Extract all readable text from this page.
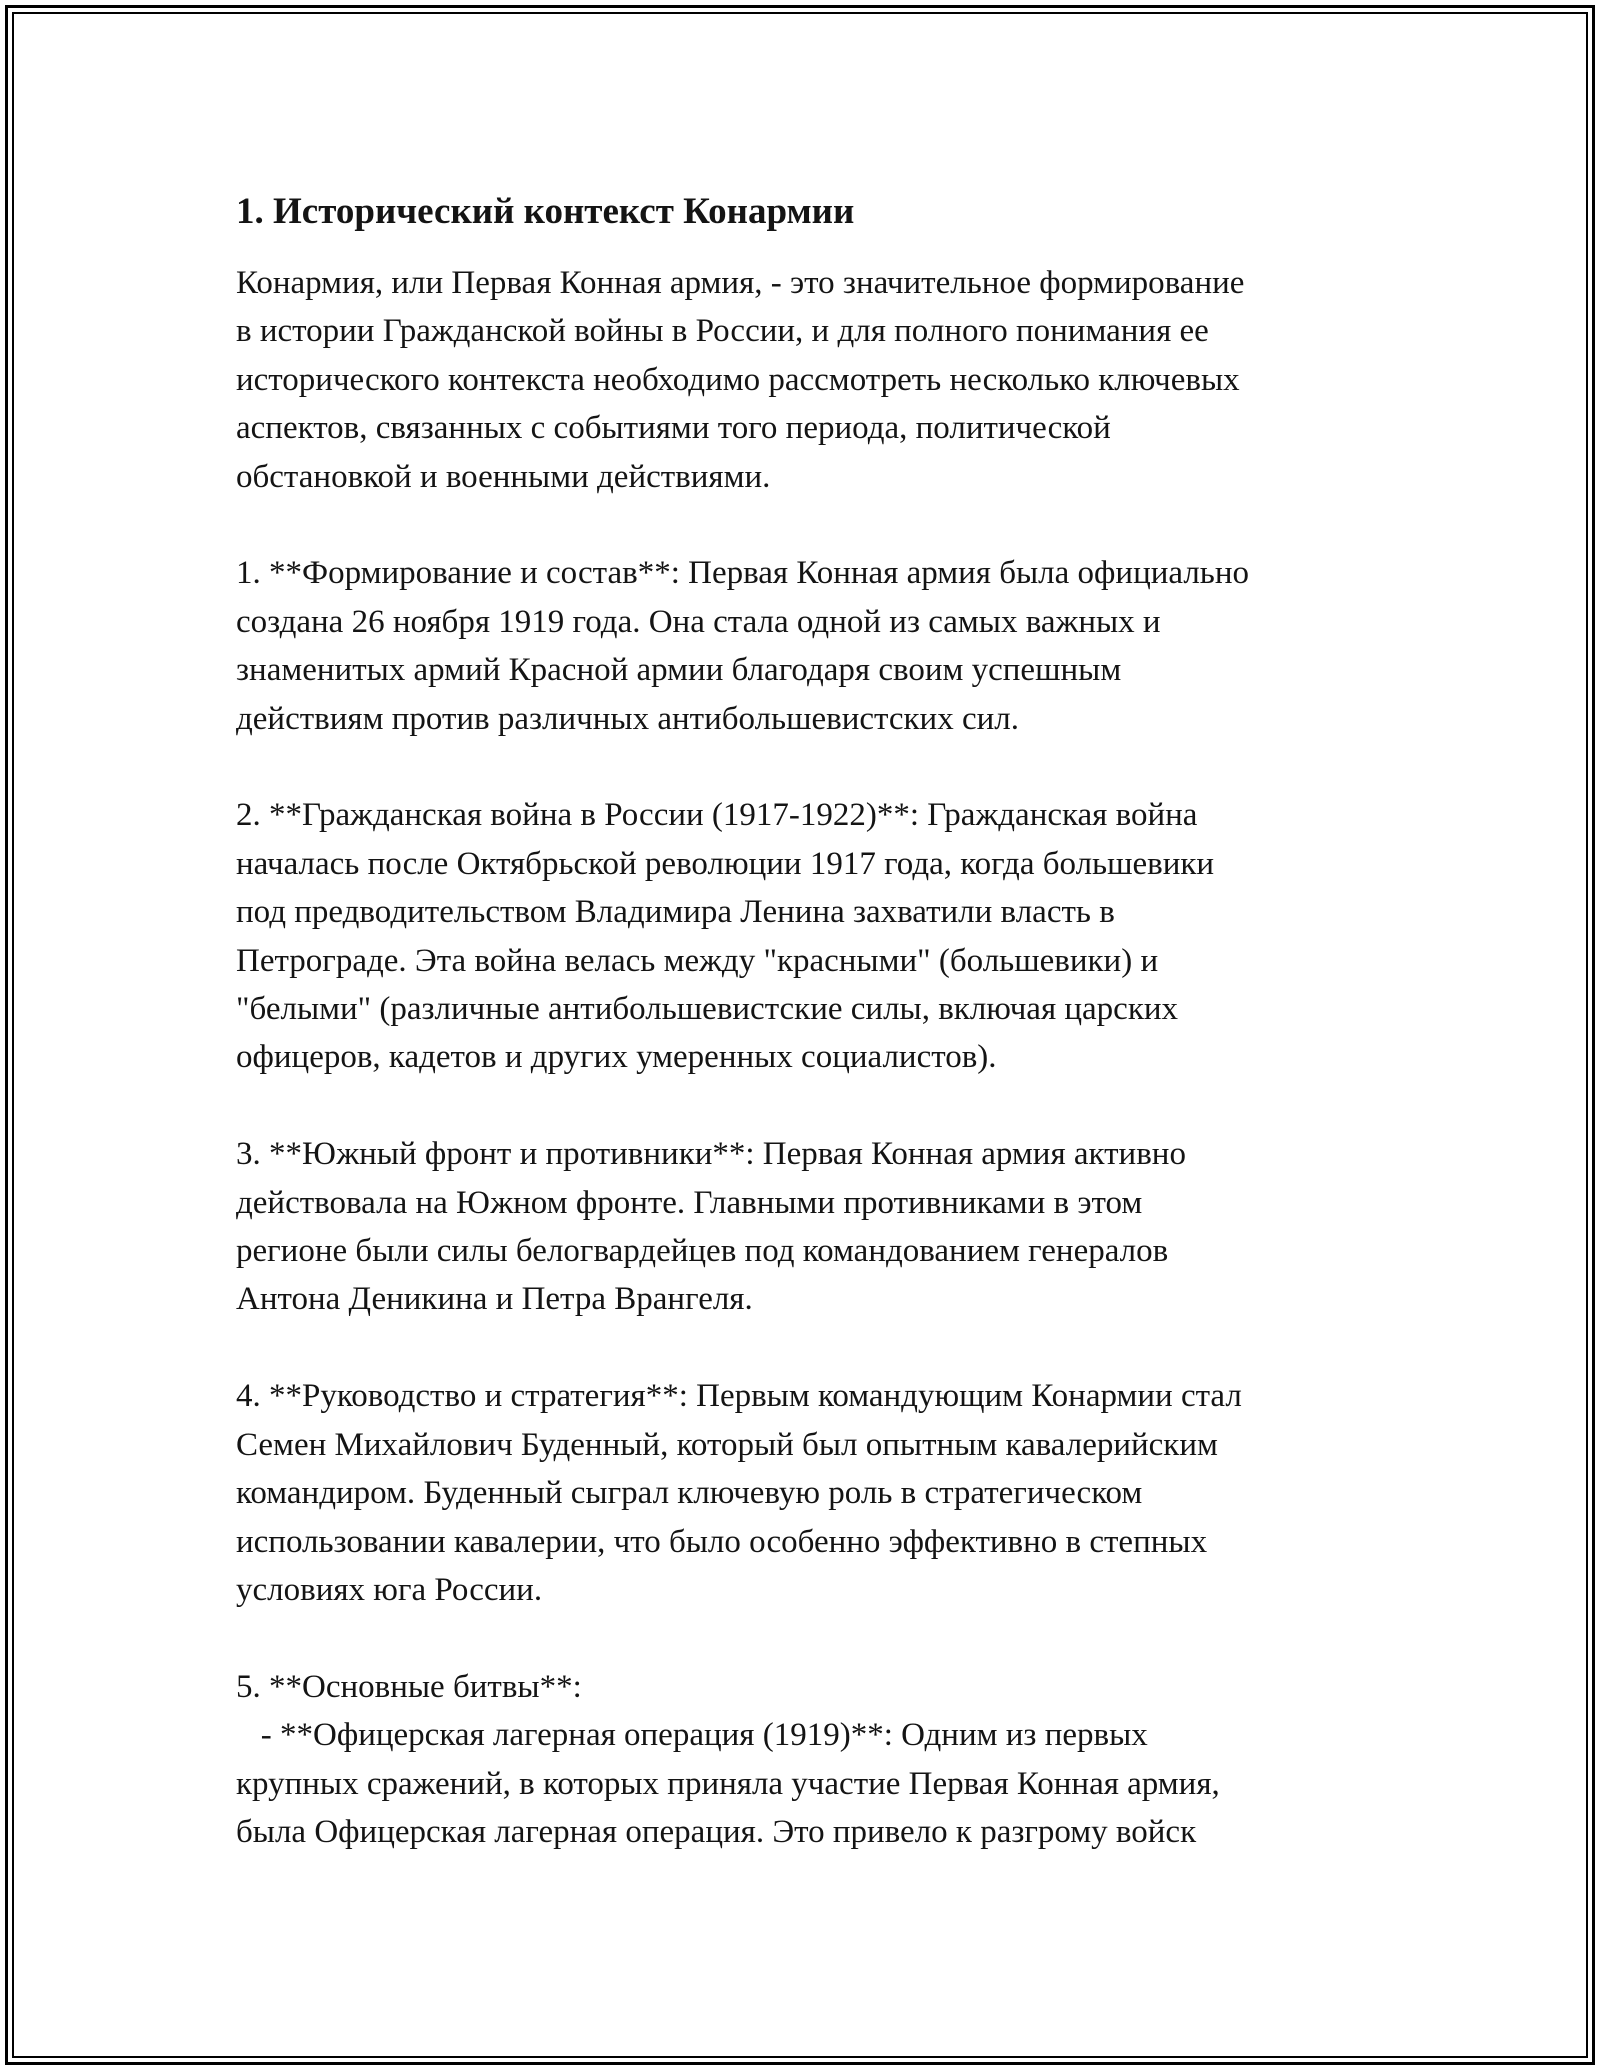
1. Исторический контекст Конармии

Конармия, или Первая Конная армия, - это значительное формирование
в истории Гражданской войны в России, и для полного понимания ее
исторического контекста необходимо рассмотреть несколько ключевых
аспектов, связанных с событиями того периода, политической
обстановкой и военными действиями.

1. **Формирование и состав**: Первая Конная армия была официально
создана 26 ноября 1919 года. Она стала одной из самых важных и
знаменитых армий Красной армии благодаря своим успешным
действиям против различных антибольшевистских сил.

2. **Гражданская война в России (1917-1922)**: Гражданская война
началась после Октябрьской революции 1917 года, когда большевики
под предводительством Владимира Ленина захватили власть в
Петрограде. Эта война велась между "красными" (большевики) и
"белыми" (различные антибольшевистские силы, включая царских
офицеров, кадетов и других умеренных социалистов).

3. **Южный фронт и противники**: Первая Конная армия активно
действовала на Южном фронте. Главными противниками в этом
регионе были силы белогвардейцев под командованием генералов
Антона Деникина и Петра Врангеля.

4. **Руководство и стратегия**: Первым командующим Конармии стал
Семен Михайлович Буденный, который был опытным кавалерийским
командиром. Буденный сыграл ключевую роль в стратегическом
использовании кавалерии, что было особенно эффективно в степных
условиях юга России.

5. **Основные битвы**:
- **Офицерская лагерная операция (1919)**: Одним из первых
крупных сражений, в которых приняла участие Первая Конная армия,
была Офицерская лагерная операция. Это привело к разгрому войск
